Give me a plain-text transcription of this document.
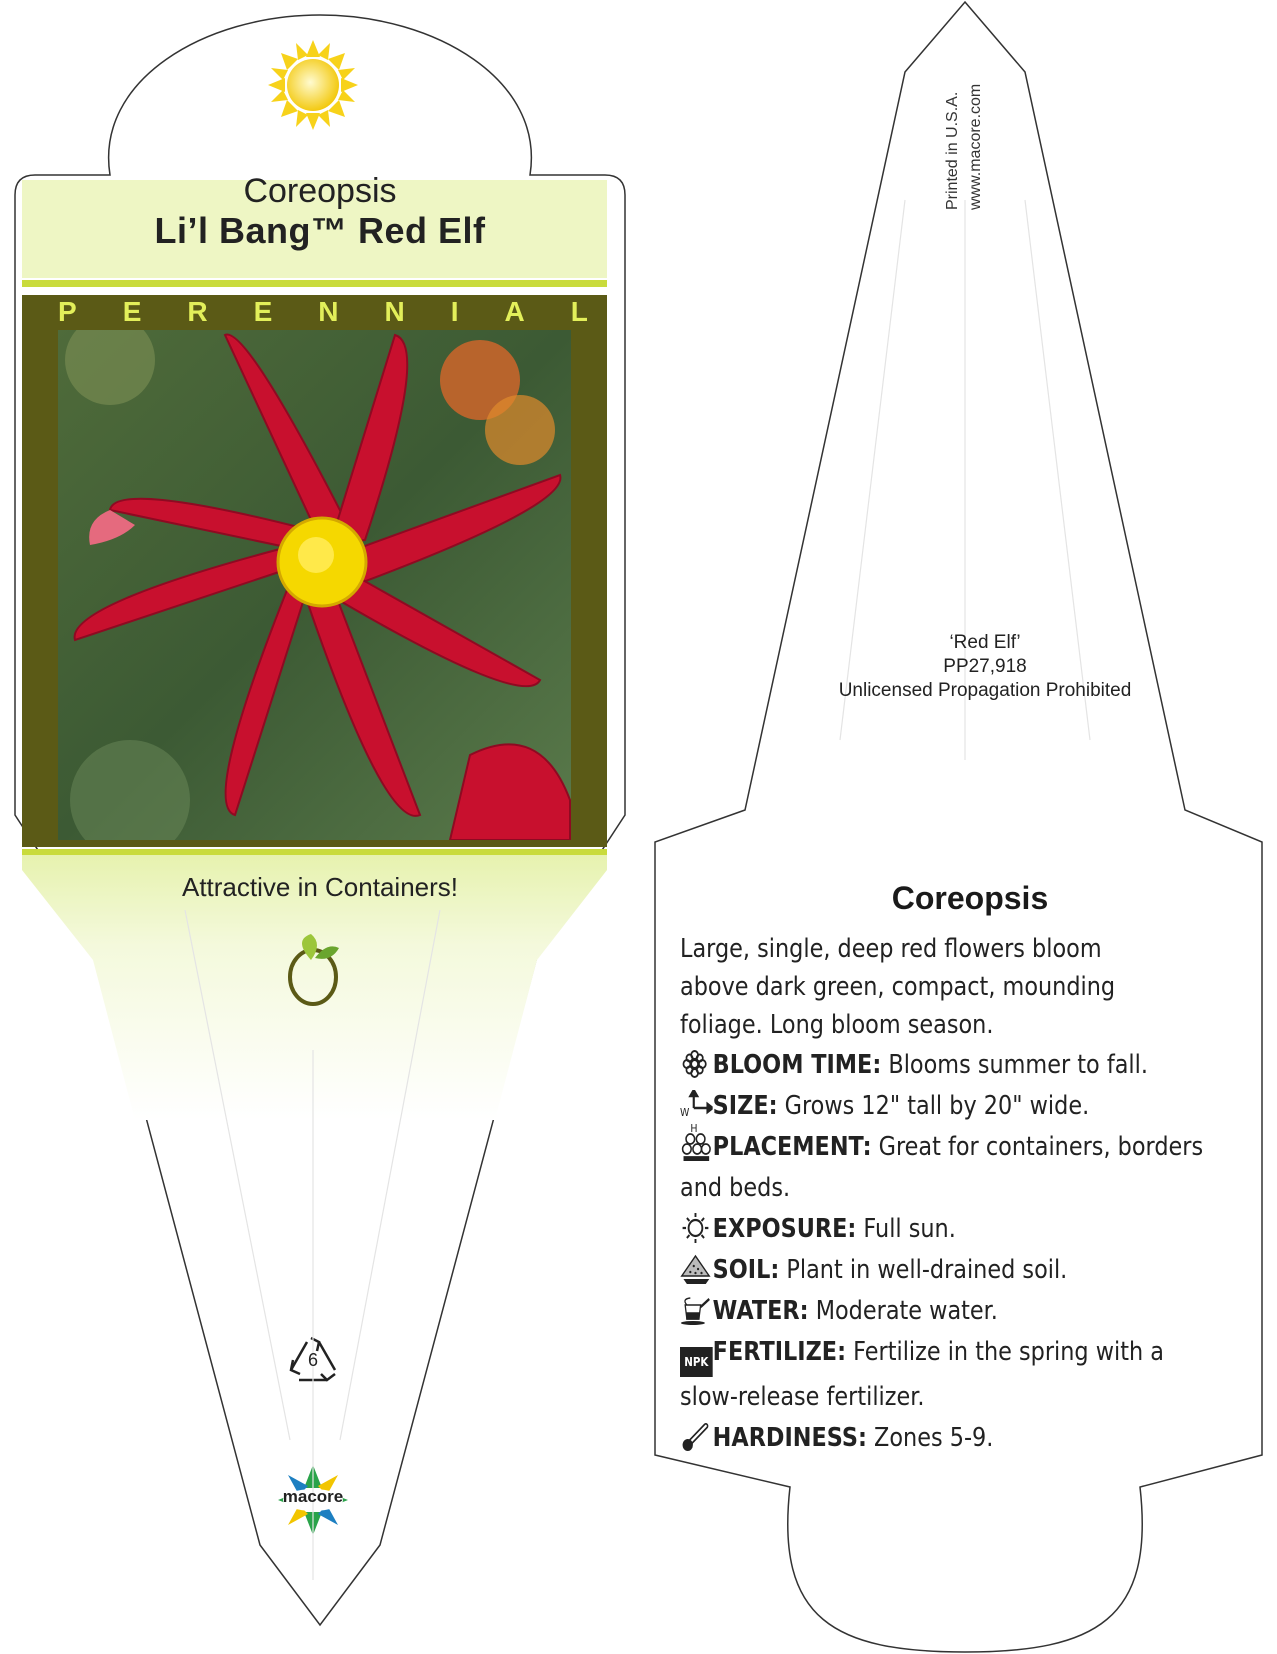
Coreopsis
Li’l Bang™ Red Elf
P E R E N N I A L
Attractive in Containers!
6
macore
Printed in U.S.A. www.macore.com
‘Red Elf’
PP27,918
Unlicensed Propagation Prohibited
Coreopsis
Large, single, deep red flowers bloom above dark green, compact, mounding foliage. Long bloom season.
BLOOM TIME: Blooms summer to fall.
W
H
SIZE: Grows 12" tall by 20" wide.
PLACEMENT: Great for containers, borders and beds.
EXPOSURE: Full sun.
SOIL: Plant in well-drained soil.
WATER: Moderate water.
NPK FERTILIZE: Fertilize in the spring with a slow-release fertilizer.
HARDINESS: Zones 5-9.
